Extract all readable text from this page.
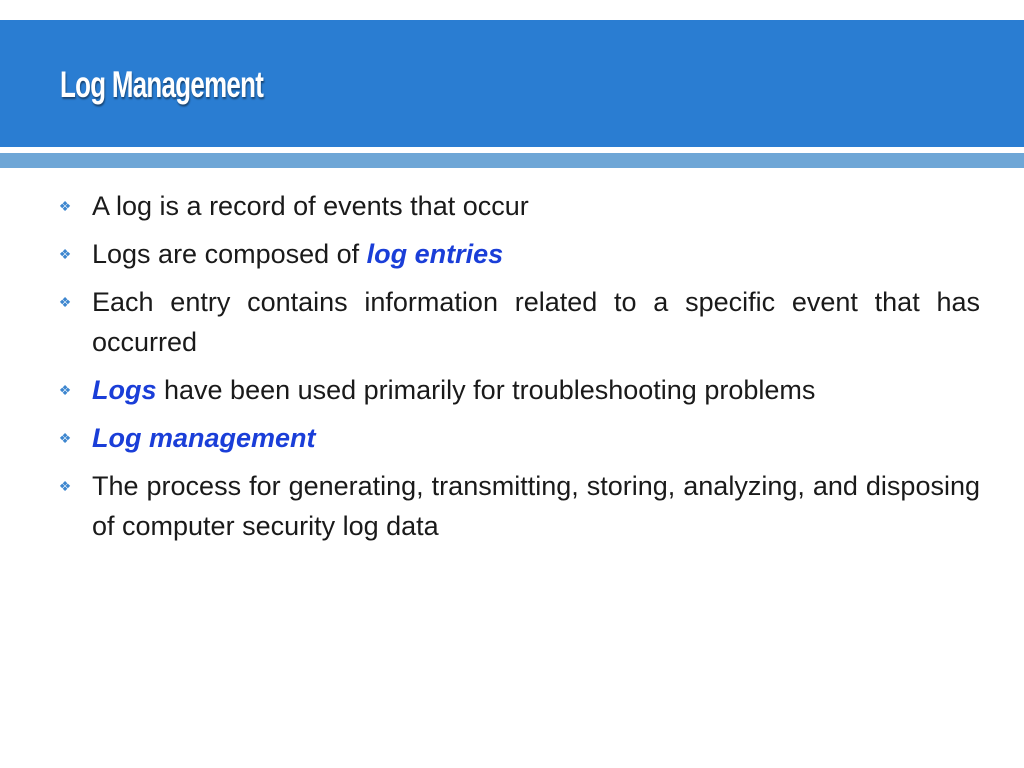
Log Management
❖ A log is a record of events that occur
❖ Logs are composed of log entries
❖ Each entry contains information related to a specific event that has occurred
❖ Logs have been used primarily for troubleshooting problems
❖ Log management
❖ The process for generating, transmitting, storing, analyzing, and disposing of computer security log data
